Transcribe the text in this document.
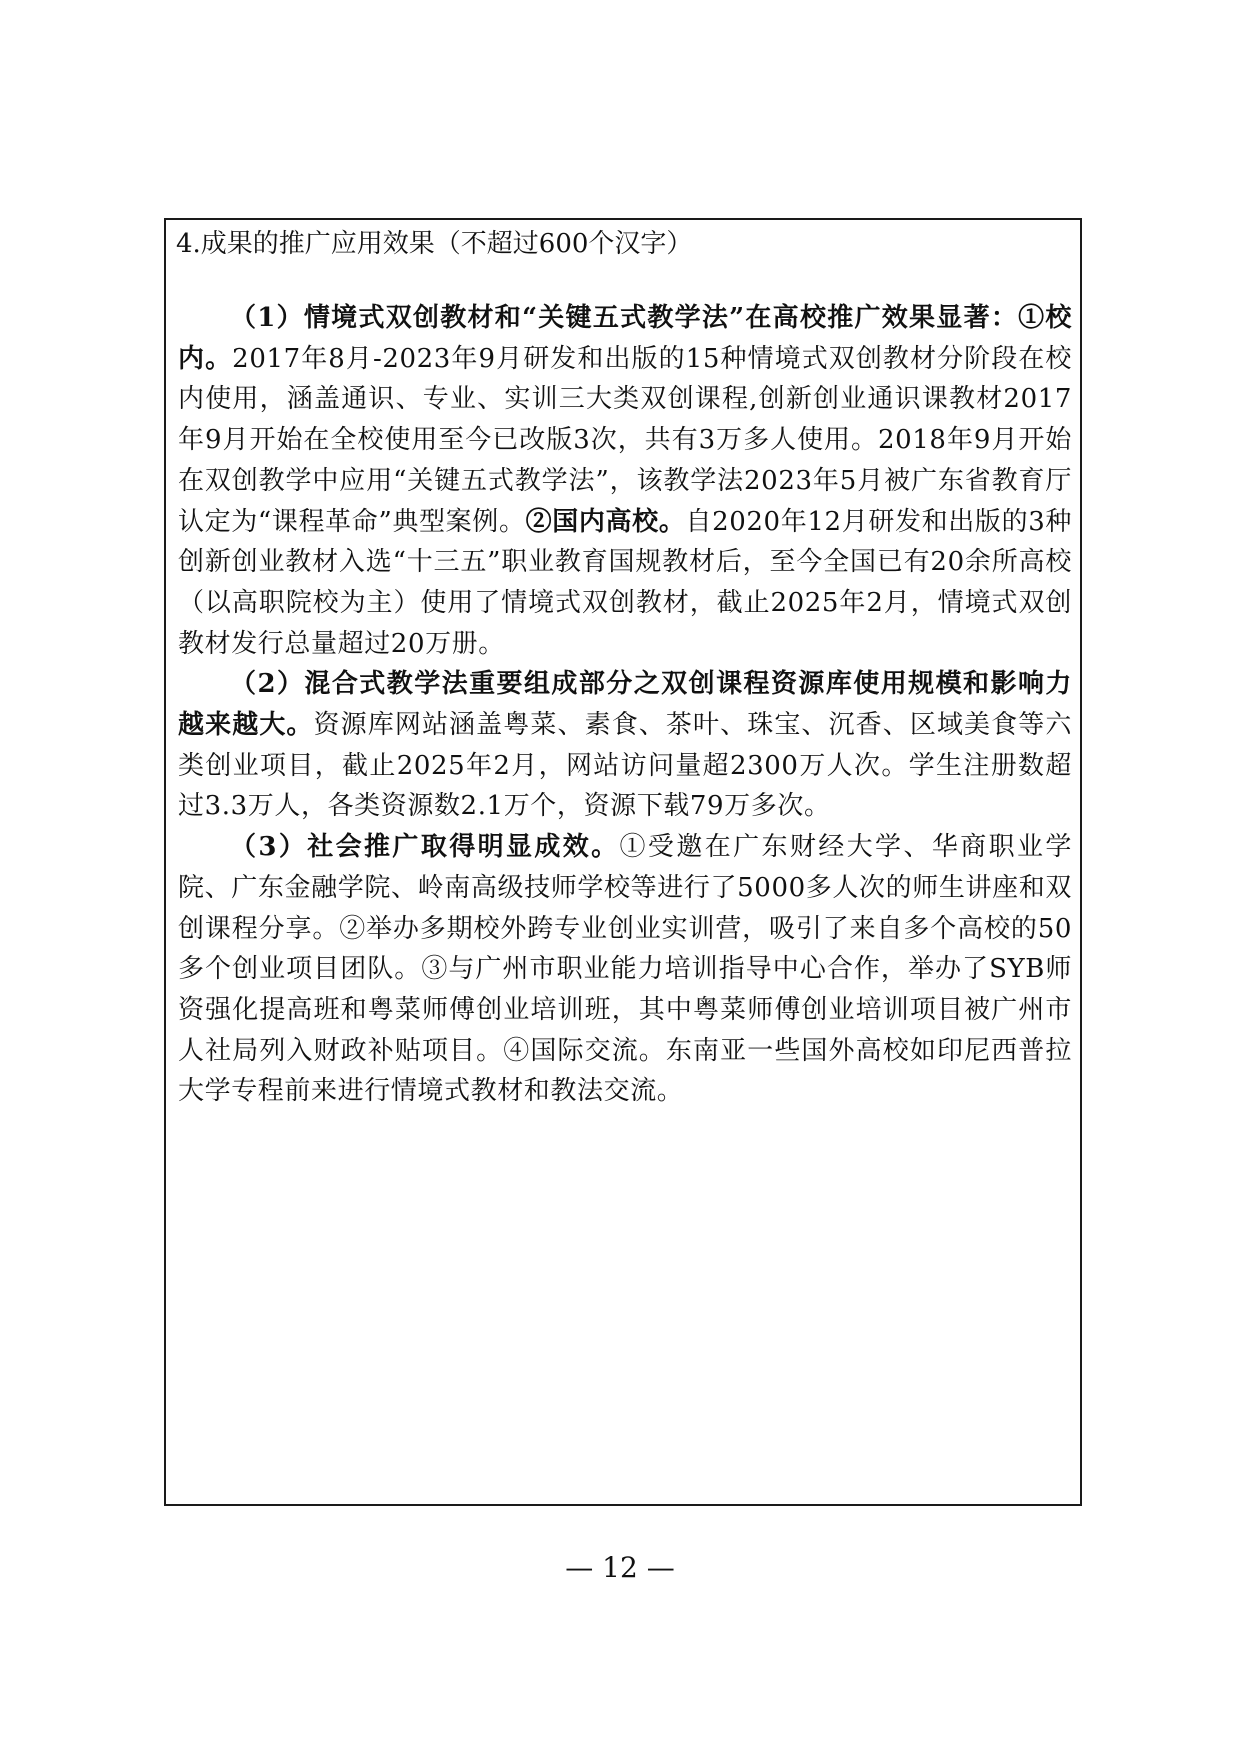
4.成果的推广应用效果（不超过600个汉字）

（1）情境式双创教材和“关键五式教学法”在高校推广效果显著：①校内。2017年8月-2023年9月研发和出版的15种情境式双创教材分阶段在校内使用，涵盖通识、专业、实训三大类双创课程,创新创业通识课教材2017年9月开始在全校使用至今已改版3次，共有3万多人使用。2018年9月开始在双创教学中应用“关键五式教学法”，该教学法2023年5月被广东省教育厅认定为“课程革命”典型案例。②国内高校。自2020年12月研发和出版的3种创新创业教材入选“十三五”职业教育国规教材后，至今全国已有20余所高校（以高职院校为主）使用了情境式双创教材，截止2025年2月，情境式双创教材发行总量超过20万册。

（2）混合式教学法重要组成部分之双创课程资源库使用规模和影响力越来越大。资源库网站涵盖粤菜、素食、茶叶、珠宝、沉香、区域美食等六类创业项目，截止2025年2月，网站访问量超2300万人次。学生注册数超过3.3万人，各类资源数2.1万个，资源下载79万多次。

（3）社会推广取得明显成效。①受邀在广东财经大学、华商职业学院、广东金融学院、岭南高级技师学校等进行了5000多人次的师生讲座和双创课程分享。②举办多期校外跨专业创业实训营，吸引了来自多个高校的50多个创业项目团队。③与广州市职业能力培训指导中心合作，举办了SYB师资强化提高班和粤菜师傅创业培训班，其中粤菜师傅创业培训项目被广州市人社局列入财政补贴项目。④国际交流。东南亚一些国外高校如印尼西普拉大学专程前来进行情境式教材和教法交流。

— 12 —
